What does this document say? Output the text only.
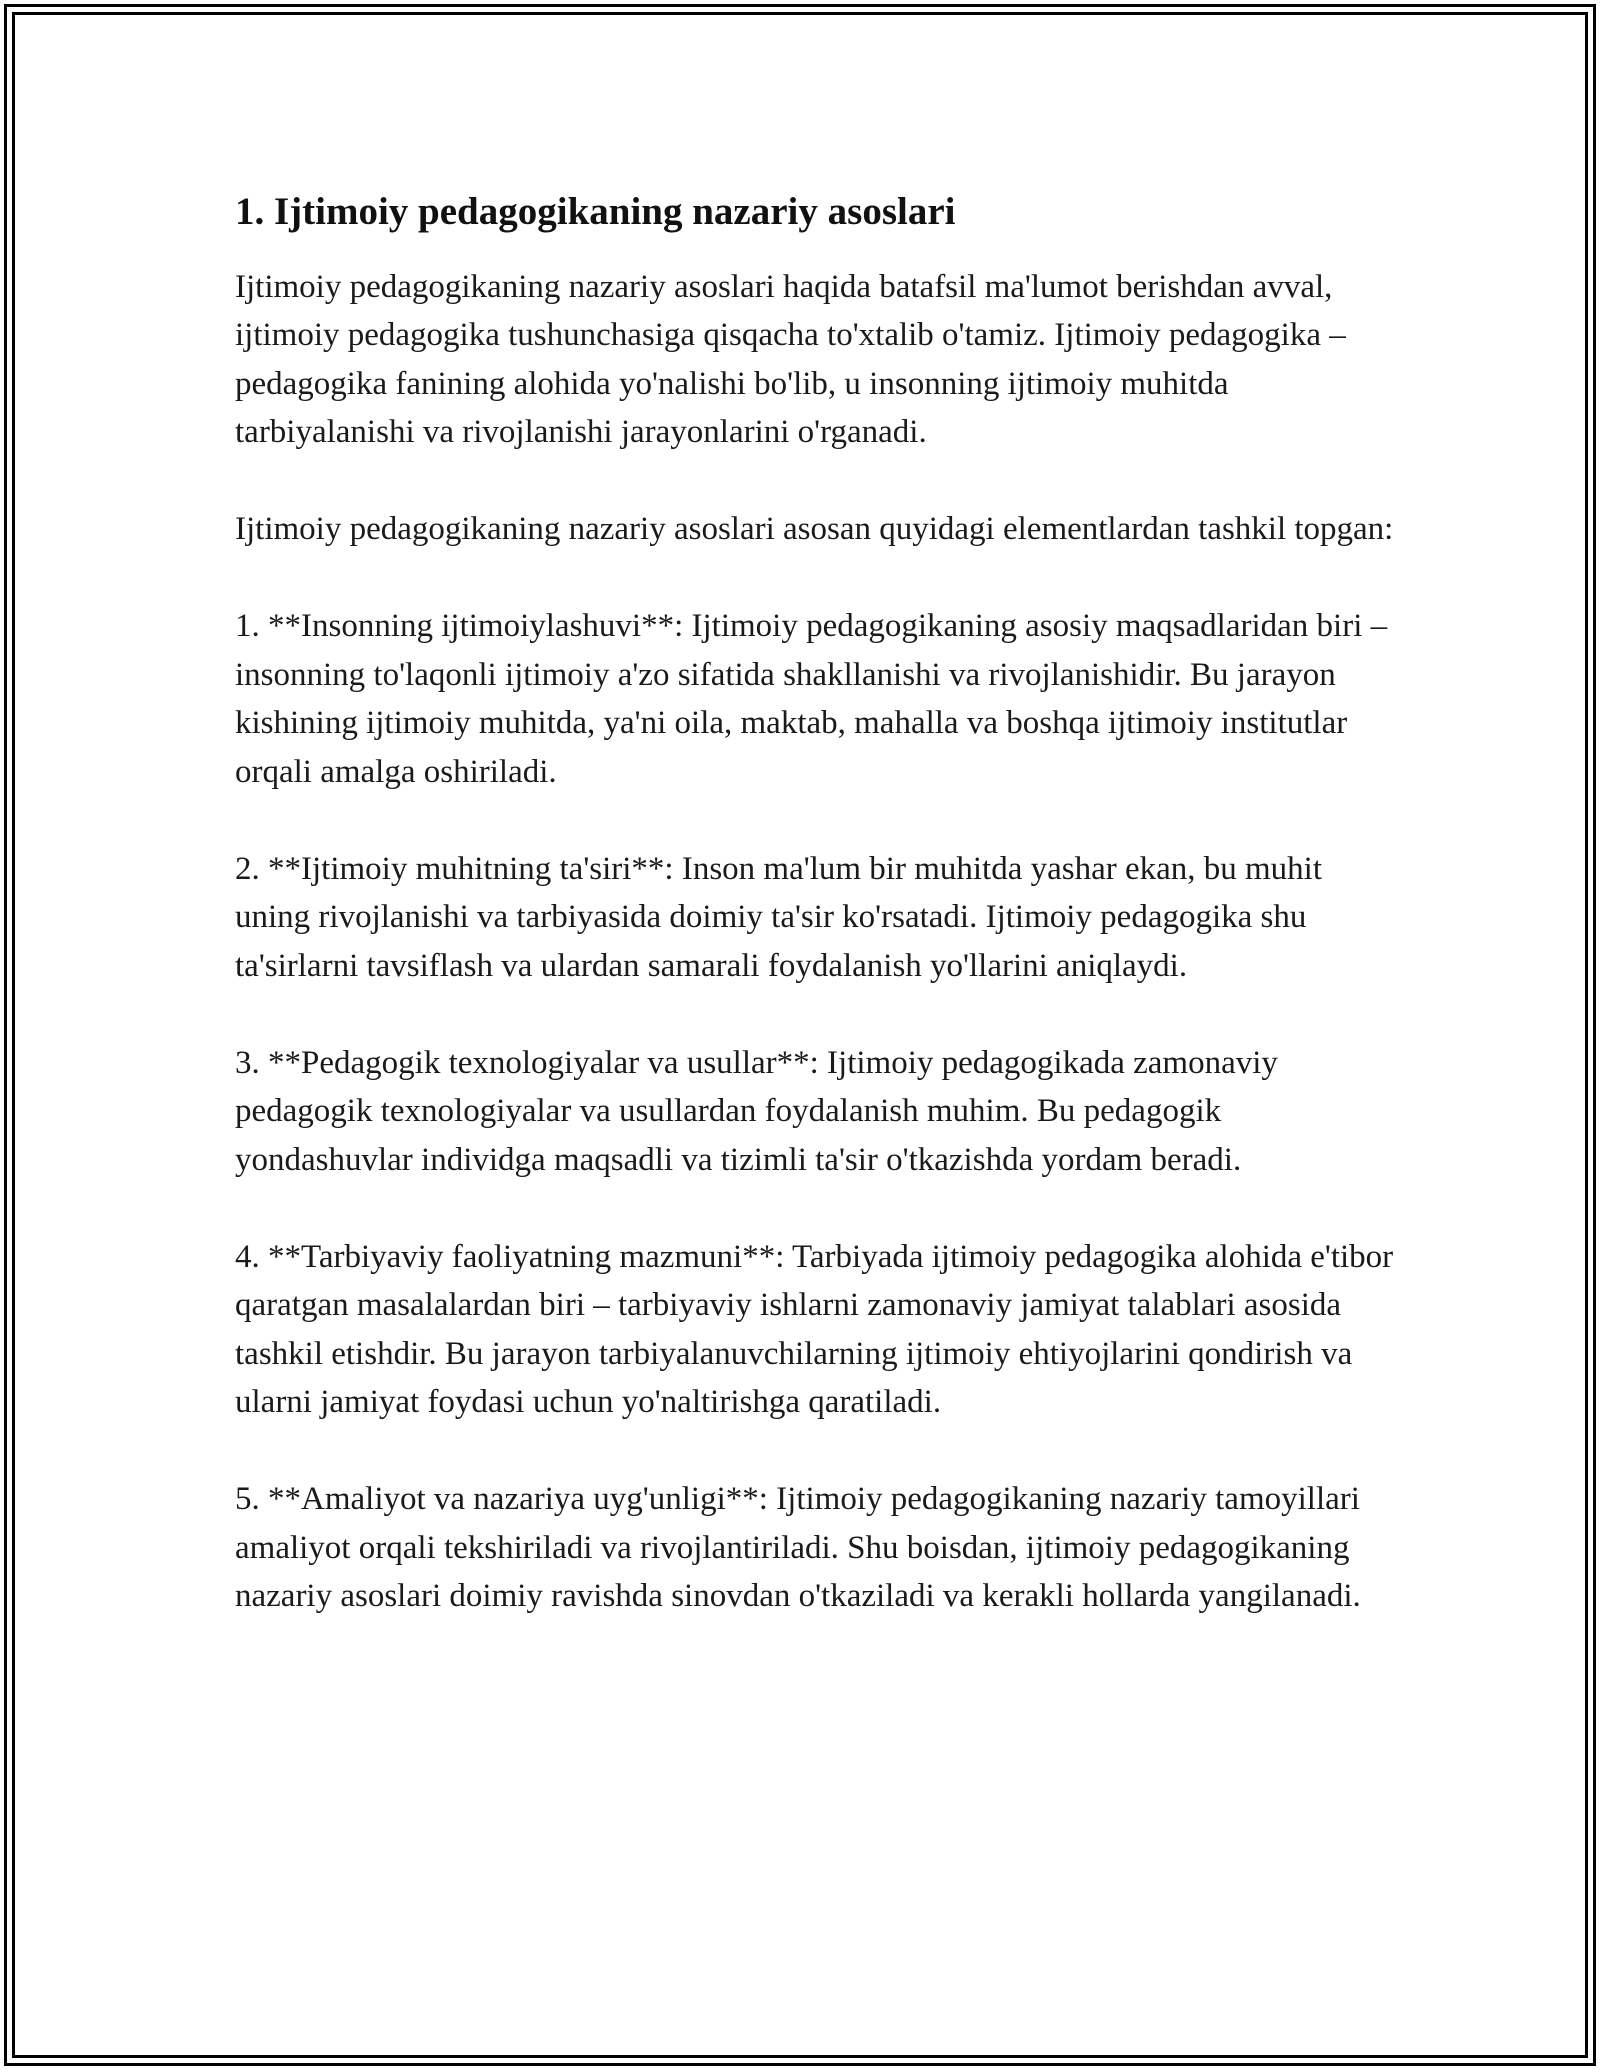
1. Ijtimoiy pedagogikaning nazariy asoslari

Ijtimoiy pedagogikaning nazariy asoslari haqida batafsil ma'lumot berishdan avval, ijtimoiy pedagogika tushunchasiga qisqacha to'xtalib o'tamiz. Ijtimoiy pedagogika – pedagogika fanining alohida yo'nalishi bo'lib, u insonning ijtimoiy muhitda tarbiyalanishi va rivojlanishi jarayonlarini o'rganadi.

Ijtimoiy pedagogikaning nazariy asoslari asosan quyidagi elementlardan tashkil topgan:

1. **Insonning ijtimoiylashuvi**: Ijtimoiy pedagogikaning asosiy maqsadlaridan biri – insonning to'laqonli ijtimoiy a'zo sifatida shakllanishi va rivojlanishidir. Bu jarayon kishining ijtimoiy muhitda, ya'ni oila, maktab, mahalla va boshqa ijtimoiy institutlar orqali amalga oshiriladi.

2. **Ijtimoiy muhitning ta'siri**: Inson ma'lum bir muhitda yashar ekan, bu muhit uning rivojlanishi va tarbiyasida doimiy ta'sir ko'rsatadi. Ijtimoiy pedagogika shu ta'sirlarni tavsiflash va ulardan samarali foydalanish yo'llarini aniqlaydi.

3. **Pedagogik texnologiyalar va usullar**: Ijtimoiy pedagogikada zamonaviy pedagogik texnologiyalar va usullardan foydalanish muhim. Bu pedagogik yondashuvlar individga maqsadli va tizimli ta'sir o'tkazishda yordam beradi.

4. **Tarbiyaviy faoliyatning mazmuni**: Tarbiyada ijtimoiy pedagogika alohida e'tibor qaratgan masalalardan biri – tarbiyaviy ishlarni zamonaviy jamiyat talablari asosida tashkil etishdir. Bu jarayon tarbiyalanuvchilarning ijtimoiy ehtiyojlarini qondirish va ularni jamiyat foydasi uchun yo'naltirishga qaratiladi.

5. **Amaliyot va nazariya uyg'unligi**: Ijtimoiy pedagogikaning nazariy tamoyillari amaliyot orqali tekshiriladi va rivojlantiriladi. Shu boisdan, ijtimoiy pedagogikaning nazariy asoslari doimiy ravishda sinovdan o'tkaziladi va kerakli hollarda yangilanadi.
